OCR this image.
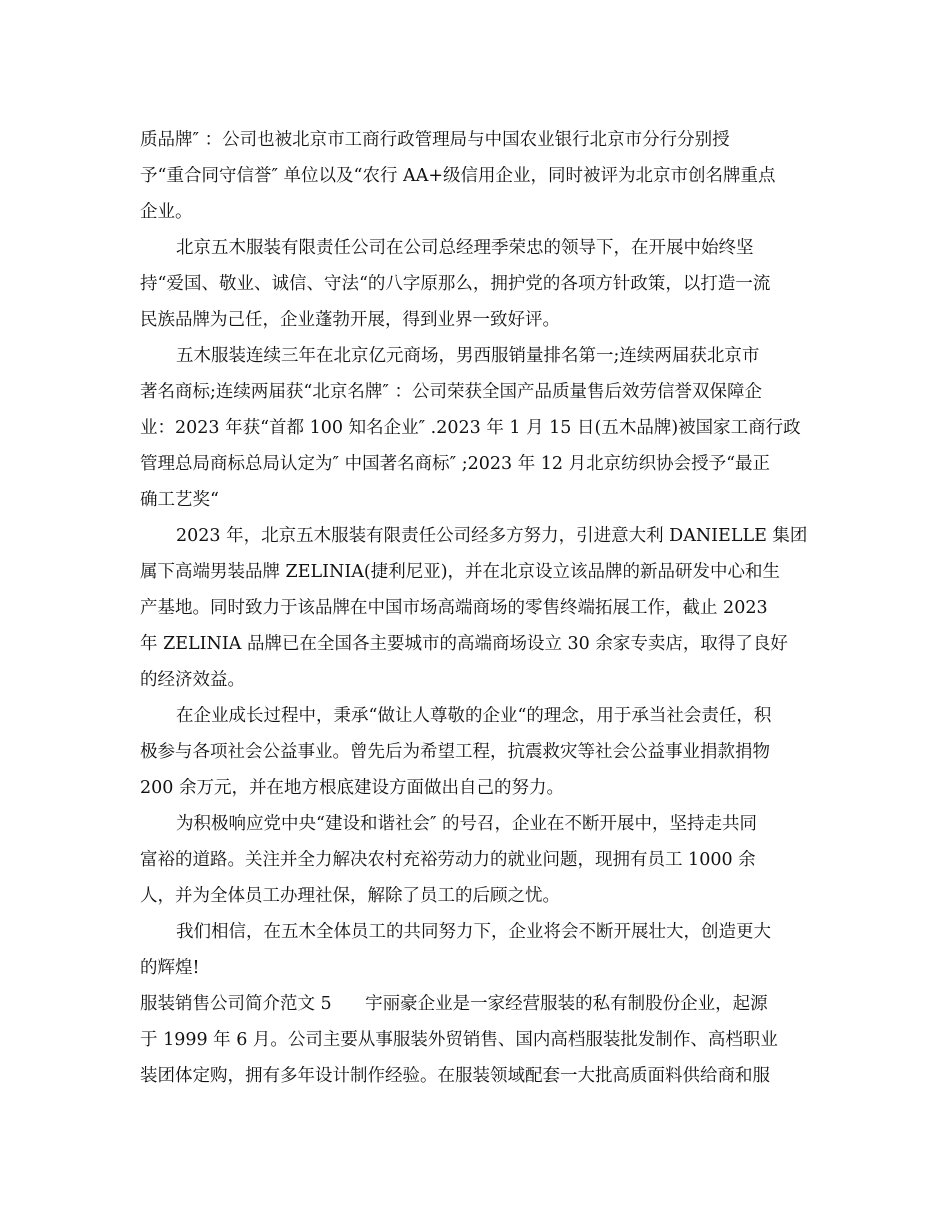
质品牌″ ：公司也被北京市工商行政管理局与中国农业银行北京市分行分别授
予“重合同守信誉″ 单位以及“农行 AA+级信用企业，同时被评为北京市创名牌重点
企业。
北京五木服装有限责任公司在公司总经理季荣忠的领导下，在开展中始终坚
持“爱国、敬业、诚信、守法“的八字原那么，拥护党的各项方针政策，以打造一流
民族品牌为己任，企业蓬勃开展，得到业界一致好评。
五木服装连续三年在北京亿元商场，男西服销量排名第一;连续两届获北京市
著名商标;连续两届获“北京名牌″ ：公司荣获全国产品质量售后效劳信誉双保障企
业：2023 年获“首都 100 知名企业″ .2023 年 1 月 15 日(五木品牌)被国家工商行政
管理总局商标总局认定为″ 中国著名商标″ ;2023 年 12 月北京纺织协会授予“最正
确工艺奖“
2023 年，北京五木服装有限责任公司经多方努力，引进意大利 DANIELLE 集团
属下高端男装品牌 ZELINIA(捷利尼亚)，并在北京设立该品牌的新品研发中心和生
产基地。同时致力于该品牌在中国市场高端商场的零售终端拓展工作，截止 2023
年 ZELINIA 品牌已在全国各主要城市的高端商场设立 30 余家专卖店，取得了良好
的经济效益。
在企业成长过程中，秉承“做让人尊敬的企业“的理念，用于承当社会责任，积
极参与各项社会公益事业。曾先后为希望工程，抗震救灾等社会公益事业捐款捐物
200 余万元，并在地方根底建设方面做出自己的努力。
为积极响应党中央“建设和谐社会″ 的号召，企业在不断开展中，坚持走共同
富裕的道路。关注并全力解决农村充裕劳动力的就业问题，现拥有员工 1000 余
人，并为全体员工办理社保，解除了员工的后顾之忧。
我们相信，在五木全体员工的共同努力下，企业将会不断开展壮大，创造更大
的辉煌!
服装销售公司简介范文 5      宇丽豪企业是一家经营服装的私有制股份企业，起源
于 1999 年 6 月。公司主要从事服装外贸销售、国内高档服装批发制作、高档职业
装团体定购，拥有多年设计制作经验。在服装领域配套一大批高质面料供给商和服
